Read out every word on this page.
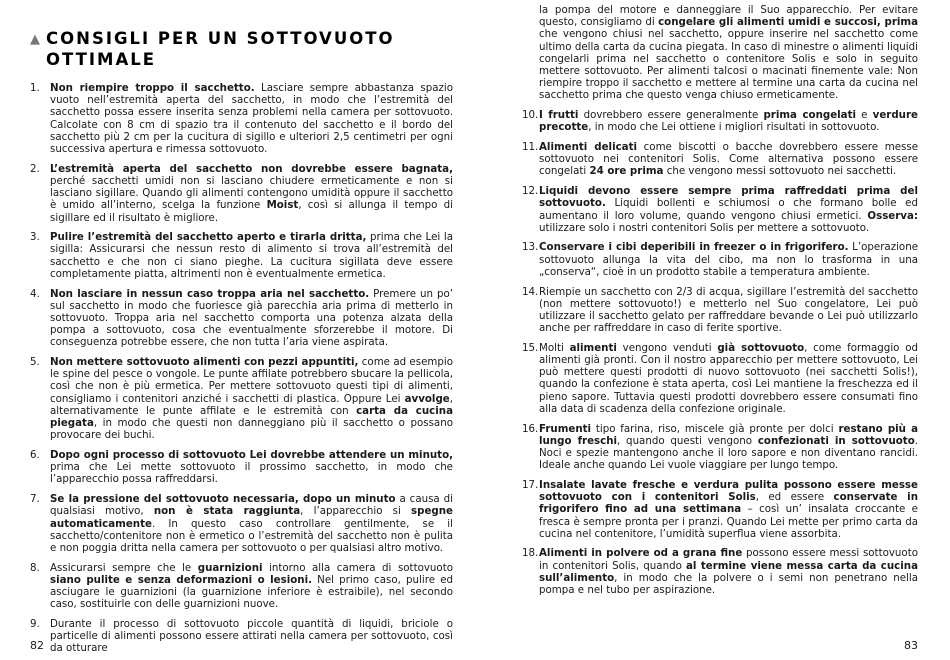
▲ CONSIGLI PER UN SOTTOVUOTO OTTIMALE
1. Non riempire troppo il sacchetto. Lasciare sempre abbastanza spazio vuoto nell’estremità aperta del sacchetto, in modo che l’estremità del sacchetto possa essere inserita senza problemi nella camera per sottovuoto. Calcolate con 8 cm di spazio tra il contenuto del sacchetto e il bordo del sacchetto più 2 cm per la cucitura di sigillo e ulteriori 2,5 centimetri per ogni successiva apertura e rimessa sottovuoto.
2. L’estremità aperta del sacchetto non dovrebbe essere bagnata, perché sacchetti umidi non si lasciano chiudere ermeticamente e non si lasciano sigillare. Quando gli alimenti contengono umidità oppure il sacchetto è umido all’interno, scelga la funzione Moist, così si allunga il tempo di sigillare ed il risultato è migliore.
3. Pulire l’estremità del sacchetto aperto e tirarla dritta, prima che Lei la sigilla: Assicurarsi che nessun resto di alimento si trova all’estremità del sacchetto e che non ci siano pieghe. La cucitura sigillata deve essere completamente piatta, altrimenti non è eventualmente ermetica.
4. Non lasciare in nessun caso troppa aria nel sacchetto. Premere un po’ sul sacchetto in modo che fuoriesce già parecchia aria prima di metterlo in sottovuoto. Troppa aria nel sacchetto comporta una potenza alzata della pompa a sottovuoto, cosa che eventualmente sforzerebbe il motore. Di conseguenza potrebbe essere, che non tutta l’aria viene aspirata.
5. Non mettere sottovuoto alimenti con pezzi appuntiti, come ad esempio le spine del pesce o vongole. Le punte affilate potrebbero sbucare la pellicola, così che non è più ermetica. Per mettere sottovuoto questi tipi di alimenti, consigliamo i contenitori anziché i sacchetti di plastica. Oppure Lei avvolge, alternativamente le punte affilate e le estremità con carta da cucina piegata, in modo che questi non danneggiano più il sacchetto o possano provocare dei buchi.
6. Dopo ogni processo di sottovuoto Lei dovrebbe attendere un minuto, prima che Lei mette sottovuoto il prossimo sacchetto, in modo che l’apparecchio possa raffreddarsi.
7. Se la pressione del sottovuoto necessaria, dopo un minuto a causa di qualsiasi motivo, non è stata raggiunta, l’apparecchio si spegne automaticamente. In questo caso controllare gentilmente, se il sacchetto/contenitore non è ermetico o l’estremità del sacchetto non è pulita e non poggia dritta nella camera per sottovuoto o per qualsiasi altro motivo.
8. Assicurarsi sempre che le guarnizioni intorno alla camera di sottovuoto siano pulite e senza deformazioni o lesioni. Nel primo caso, pulire ed asciugare le guarnizioni (la guarnizione inferiore è estraibile), nel secondo caso, sostituirle con delle guarnizioni nuove.
9. Durante il processo di sottovuoto piccole quantità di liquidi, briciole o particelle di alimenti possono essere attirati nella camera per sottovuoto, così da otturare
82
la pompa del motore e danneggiare il Suo apparecchio. Per evitare questo, consigliamo di congelare gli alimenti umidi e succosi, prima che vengono chiusi nel sacchetto, oppure inserire nel sacchetto come ultimo della carta da cucina piegata. In caso di minestre o alimenti liquidi congelarli prima nel sacchetto o contenitore Solis e solo in seguito mettere sottovuoto. Per alimenti talcosi o macinati finemente vale: Non riempire troppo il sacchetto e mettere al termine una carta da cucina nel sacchetto prima che questo venga chiuso ermeticamente.
10. I frutti dovrebbero essere generalmente prima congelati e verdure precotte, in modo che Lei ottiene i migliori risultati in sottovuoto.
11. Alimenti delicati come biscotti o bacche dovrebbero essere messe sottovuoto nei contenitori Solis. Come alternativa possono essere congelati 24 ore prima che vengono messi sottovuoto nei sacchetti.
12. Liquidi devono essere sempre prima raffreddati prima del sottovuoto. Liquidi bollenti e schiumosi o che formano bolle ed aumentano il loro volume, quando vengono chiusi ermetici. Osserva: utilizzare solo i nostri contenitori Solis per mettere a sottovuoto.
13. Conservare i cibi deperibili in freezer o in frigorifero. L’operazione sottovuoto allunga la vita del cibo, ma non lo trasforma in una „conserva“, cioè in un prodotto stabile a temperatura ambiente.
14. Riempie un sacchetto con 2/3 di acqua, sigillare l’estremità del sacchetto (non mettere sottovuoto!) e metterlo nel Suo congelatore, Lei può utilizzare il sacchetto gelato per raffreddare bevande o Lei può utilizzarlo anche per raffreddare in caso di ferite sportive.
15. Molti alimenti vengono venduti già sottovuoto, come formaggio od alimenti già pronti. Con il nostro apparecchio per mettere sottovuoto, Lei può mettere questi prodotti di nuovo sottovuoto (nei sacchetti Solis!), quando la confezione è stata aperta, così Lei mantiene la freschezza ed il pieno sapore. Tuttavia questi prodotti dovrebbero essere consumati fino alla data di scadenza della confezione originale.
16. Frumenti tipo farina, riso, miscele già pronte per dolci restano più a lungo freschi, quando questi vengono confezionati in sottovuoto. Noci e spezie mantengono anche il loro sapore e non diventano rancidi. Ideale anche quando Lei vuole viaggiare per lungo tempo.
17. Insalate lavate fresche e verdura pulita possono essere messe sottovuoto con i contenitori Solis, ed essere conservate in frigorifero fino ad una settimana – così un’ insalata croccante e fresca è sempre pronta per i pranzi. Quando Lei mette per primo carta da cucina nel contenitore, l’umidità superflua viene assorbita.
18. Alimenti in polvere od a grana fine possono essere messi sottovuoto in contenitori Solis, quando al termine viene messa carta da cucina sull’alimento, in modo che la polvere o i semi non penetrano nella pompa e nel tubo per aspirazione.
83
